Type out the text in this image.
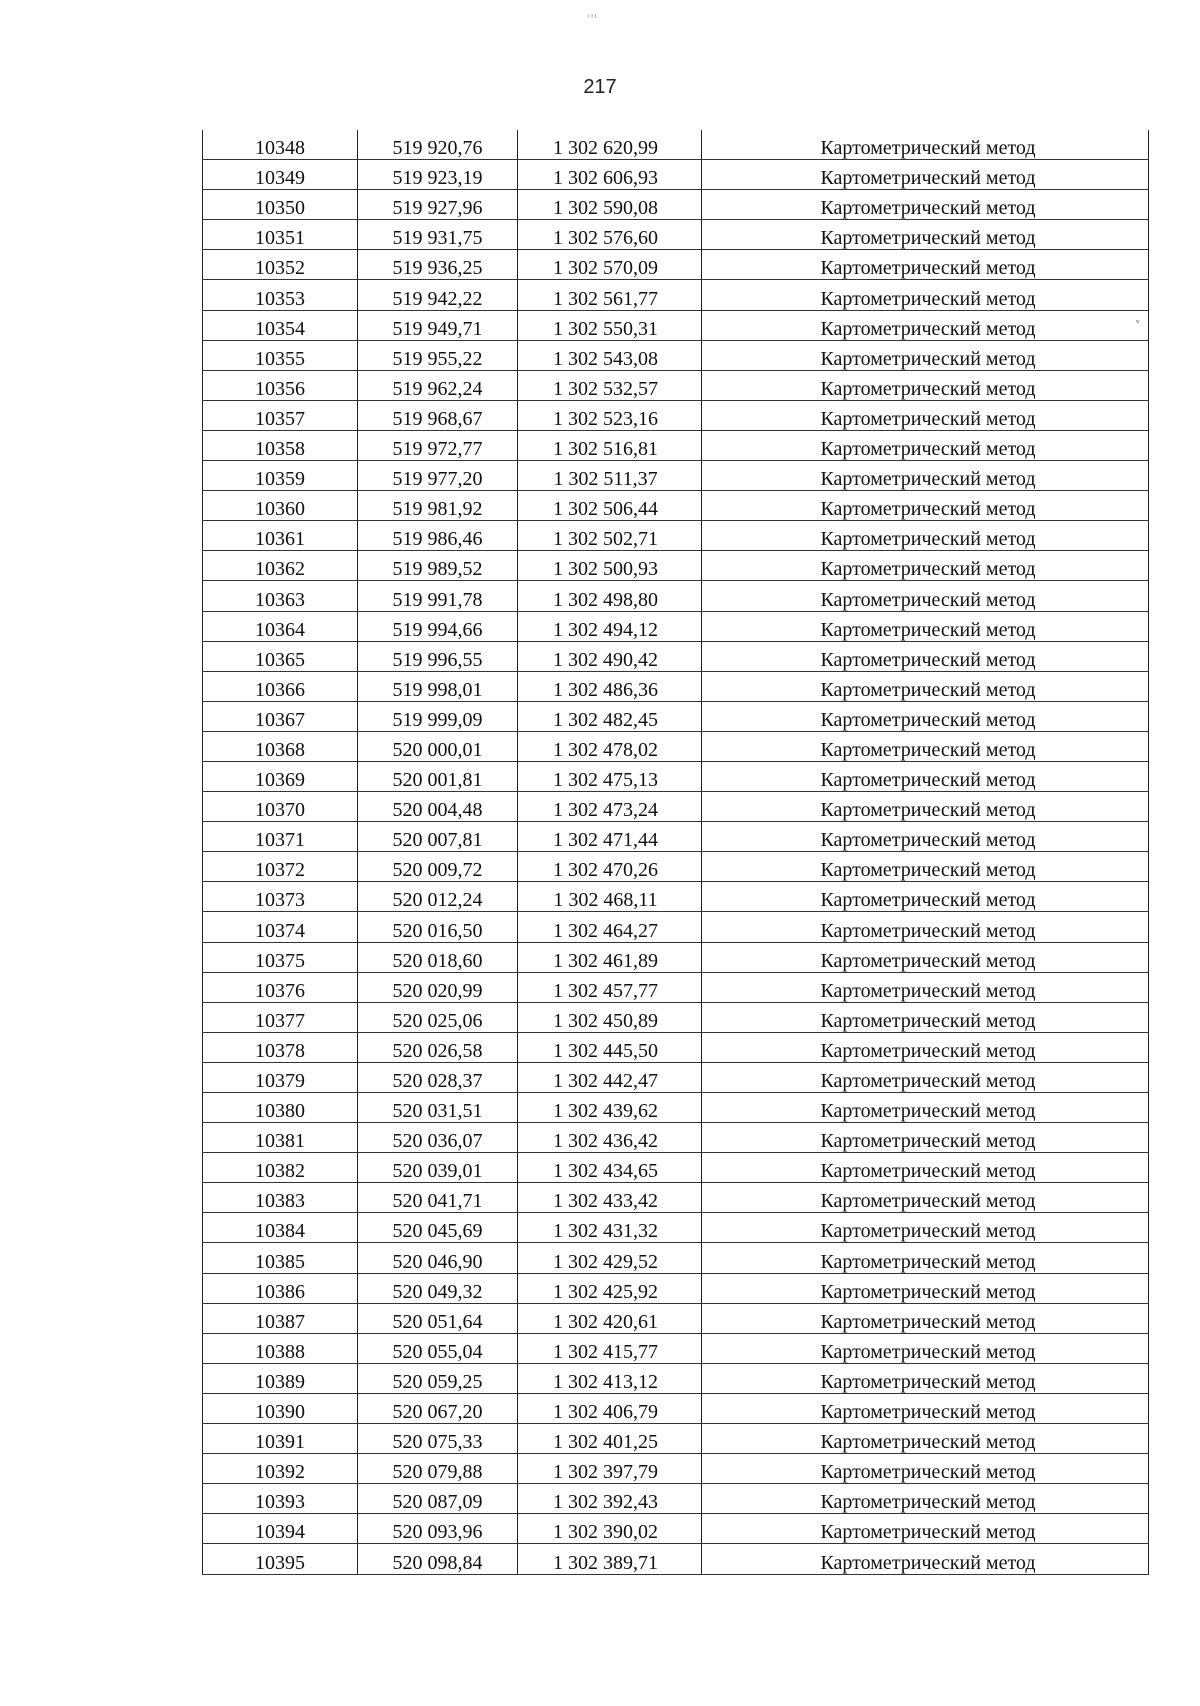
ᵗ¹ᴸ
217
ᵛ
10348	519 920,76	1 302 620,99	Картометрический метод
10349	519 923,19	1 302 606,93	Картометрический метод
10350	519 927,96	1 302 590,08	Картометрический метод
10351	519 931,75	1 302 576,60	Картометрический метод
10352	519 936,25	1 302 570,09	Картометрический метод
10353	519 942,22	1 302 561,77	Картометрический метод
10354	519 949,71	1 302 550,31	Картометрический метод
10355	519 955,22	1 302 543,08	Картометрический метод
10356	519 962,24	1 302 532,57	Картометрический метод
10357	519 968,67	1 302 523,16	Картометрический метод
10358	519 972,77	1 302 516,81	Картометрический метод
10359	519 977,20	1 302 511,37	Картометрический метод
10360	519 981,92	1 302 506,44	Картометрический метод
10361	519 986,46	1 302 502,71	Картометрический метод
10362	519 989,52	1 302 500,93	Картометрический метод
10363	519 991,78	1 302 498,80	Картометрический метод
10364	519 994,66	1 302 494,12	Картометрический метод
10365	519 996,55	1 302 490,42	Картометрический метод
10366	519 998,01	1 302 486,36	Картометрический метод
10367	519 999,09	1 302 482,45	Картометрический метод
10368	520 000,01	1 302 478,02	Картометрический метод
10369	520 001,81	1 302 475,13	Картометрический метод
10370	520 004,48	1 302 473,24	Картометрический метод
10371	520 007,81	1 302 471,44	Картометрический метод
10372	520 009,72	1 302 470,26	Картометрический метод
10373	520 012,24	1 302 468,11	Картометрический метод
10374	520 016,50	1 302 464,27	Картометрический метод
10375	520 018,60	1 302 461,89	Картометрический метод
10376	520 020,99	1 302 457,77	Картометрический метод
10377	520 025,06	1 302 450,89	Картометрический метод
10378	520 026,58	1 302 445,50	Картометрический метод
10379	520 028,37	1 302 442,47	Картометрический метод
10380	520 031,51	1 302 439,62	Картометрический метод
10381	520 036,07	1 302 436,42	Картометрический метод
10382	520 039,01	1 302 434,65	Картометрический метод
10383	520 041,71	1 302 433,42	Картометрический метод
10384	520 045,69	1 302 431,32	Картометрический метод
10385	520 046,90	1 302 429,52	Картометрический метод
10386	520 049,32	1 302 425,92	Картометрический метод
10387	520 051,64	1 302 420,61	Картометрический метод
10388	520 055,04	1 302 415,77	Картометрический метод
10389	520 059,25	1 302 413,12	Картометрический метод
10390	520 067,20	1 302 406,79	Картометрический метод
10391	520 075,33	1 302 401,25	Картометрический метод
10392	520 079,88	1 302 397,79	Картометрический метод
10393	520 087,09	1 302 392,43	Картометрический метод
10394	520 093,96	1 302 390,02	Картометрический метод
10395	520 098,84	1 302 389,71	Картометрический метод
